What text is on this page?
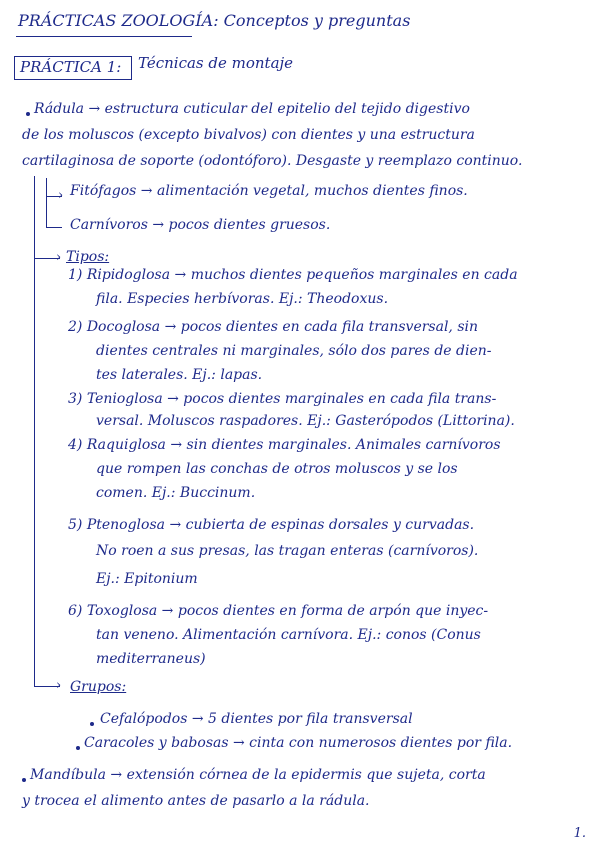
PRÁCTICAS ZOOLOGÍA: Conceptos y preguntas
PRÁCTICA 1: Técnicas de montaje
Rádula → estructura cuticular del epitelio del tejido digestivo
de los moluscos (excepto bivalvos) con dientes y una estructura
cartilaginosa de soporte (odontóforo). Desgaste y reemplazo continuo.
› Fitófagos → alimentación vegetal, muchos dientes finos.
Carnívoros → pocos dientes gruesos.
› Tipos:
1) Ripidoglosa → muchos dientes pequeños marginales en cada
fila. Especies herbívoras. Ej.: Theodoxus.
2) Docoglosa → pocos dientes en cada fila transversal, sin
dientes centrales ni marginales, sólo dos pares de dien-
tes laterales. Ej.: lapas.
3) Tenioglosa → pocos dientes marginales en cada fila trans-
versal. Moluscos raspadores. Ej.: Gasterópodos (Littorina).
4) Raquiglosa → sin dientes marginales. Animales carnívoros
que rompen las conchas de otros moluscos y se los
comen. Ej.: Buccinum.
5) Ptenoglosa → cubierta de espinas dorsales y curvadas.
No roen a sus presas, las tragan enteras (carnívoros).
Ej.: Epitonium
6) Toxoglosa → pocos dientes en forma de arpón que inyec-
tan veneno. Alimentación carnívora. Ej.: conos (Conus
mediterraneus)
› Grupos:
Cefalópodos → 5 dientes por fila transversal
Caracoles y babosas → cinta con numerosos dientes por fila.
Mandíbula → extensión córnea de la epidermis que sujeta, corta
y trocea el alimento antes de pasarlo a la rádula.
1.
